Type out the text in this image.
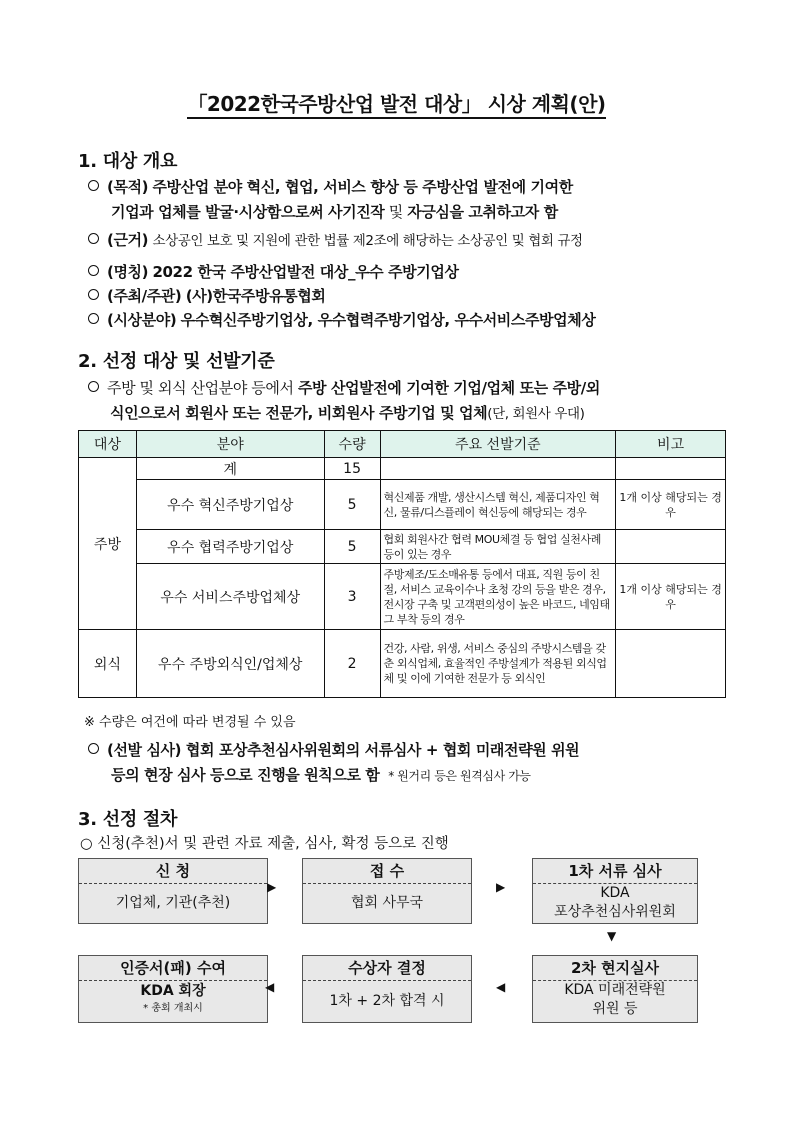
「2022한국주방산업 발전 대상」 시상 계획(안)
1. 대상 개요
(목적) 주방산업 분야 혁신, 협업, 서비스 향상 등 주방산업 발전에 기여한
기업과 업체를 발굴·시상함으로써 사기진작 및 자긍심을 고취하고자 함
(근거) 소상공인 보호 및 지원에 관한 법률 제2조에 해당하는 소상공인 및 협회 규정
(명칭) 2022 한국 주방산업발전 대상_우수 주방기업상
(주최/주관) (사)한국주방유통협회
(시상분야) 우수혁신주방기업상, 우수협력주방기업상, 우수서비스주방업체상
2. 선정 대상 및 선발기준
주방 및 외식 산업분야 등에서 주방 산업발전에 기여한 기업/업체 또는 주방/외
식인으로서 회원사 또는 전문가, 비회원사 주방기업 및 업체(단, 회원사 우대)
대상	분야	수량	주요 선발기준	비고
주방	계	15		
	우수 혁신주방기업상	5	혁신제품 개발, 생산시스템 혁신, 제품디자인 혁신, 물류/디스플레이 혁신등에 해당되는 경우	1개 이상 해당되는 경우
	우수 협력주방기업상	5	협회 회원사간 협력 MOU체결 등 협업 실천사례 등이 있는 경우	
	우수 서비스주방업체상	3	주방제조/도소매유통 등에서 대표, 직원 등이 친절, 서비스 교육이수나 초청 강의 등을 받은 경우, 전시장 구축 및 고객편의성이 높은 바코드, 네임태그 부착 등의 경우	1개 이상 해당되는 경우
외식	우수 주방외식인/업체상	2	건강, 사람, 위생, 서비스 중심의 주방시스템을 갖춘 외식업체, 효율적인 주방설계가 적용된 외식업체 및 이에 기여한 전문가 등 외식인	
※ 수량은 여건에 따라 변경될 수 있음
(선발 심사) 협회 포상추천심사위원회의 서류심사 + 협회 미래전략원 위원
등의 현장 심사 등으로 진행을 원칙으로 함 * 원거리 등은 원격심사 가능
3. 선정 절차
○ 신청(추천)서 및 관련 자료 제출, 심사, 확정 등으로 진행
신 청
기업체, 기관(추천)
▶
접 수
협회 사무국
▶
1차 서류 심사
KDA
포상추천심사위원회
▼
인증서(패) 수여
KDA 회장
* 총회 개최시
◀
수상자 결정
1차 + 2차 합격 시
◀
2차 현지실사
KDA 미래전략원
위원 등
